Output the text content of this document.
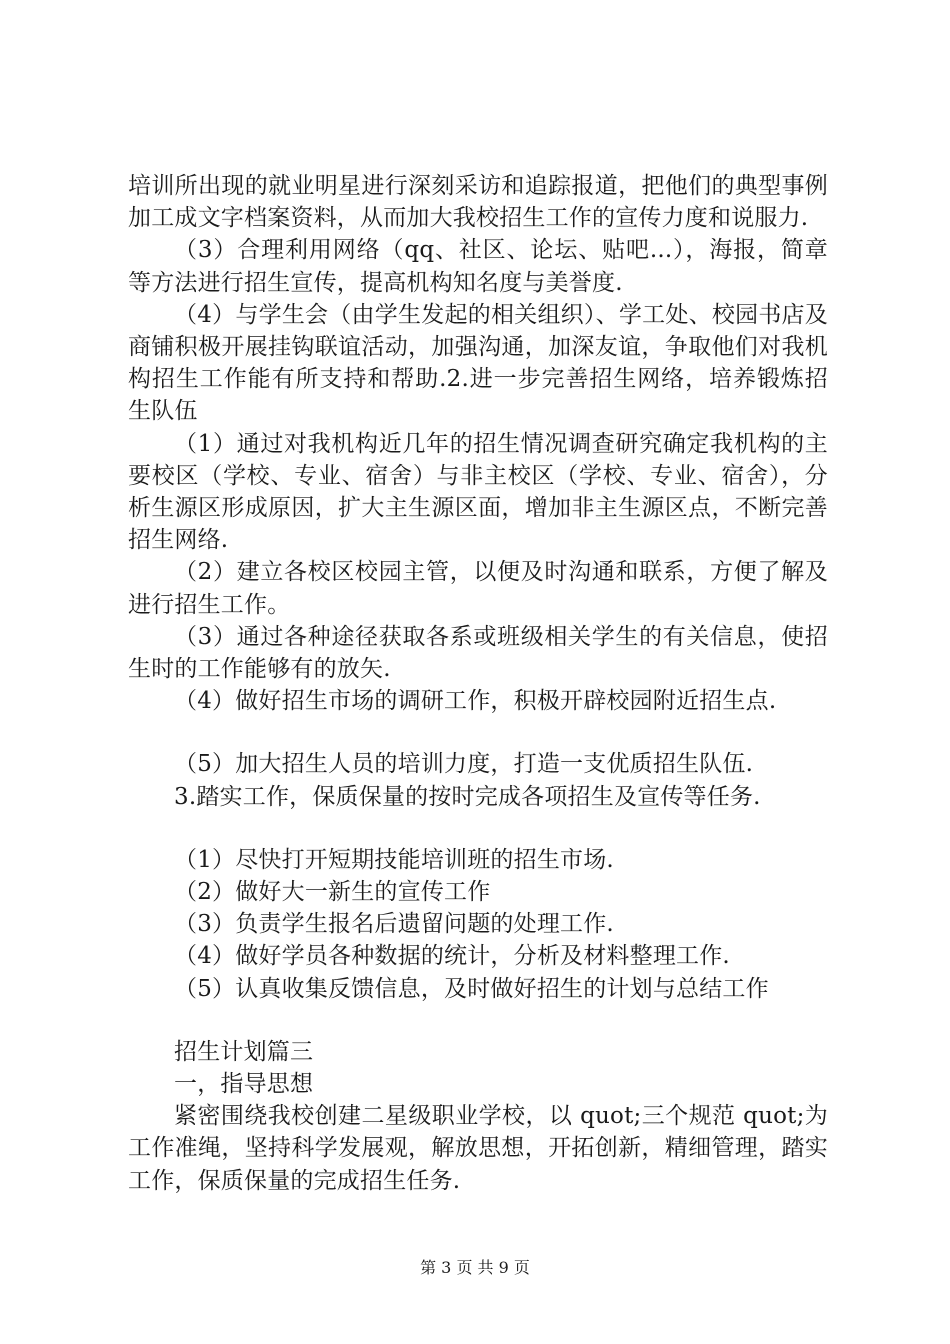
培训所出现的就业明星进行深刻采访和追踪报道，把他们的典型事例加工成文字档案资料，从而加大我校招生工作的宣传力度和说服力.

（3）合理利用网络（qq、社区、论坛、贴吧...），海报，简章等方法进行招生宣传，提高机构知名度与美誉度.

（4）与学生会（由学生发起的相关组织）、学工处、校园书店及商铺积极开展挂钩联谊活动，加强沟通，加深友谊，争取他们对我机构招生工作能有所支持和帮助.2.进一步完善招生网络，培养锻炼招生队伍

（1）通过对我机构近几年的招生情况调查研究确定我机构的主要校区（学校、专业、宿舍）与非主校区（学校、专业、宿舍），分析生源区形成原因，扩大主生源区面，增加非主生源区点，不断完善招生网络.

（2）建立各校区校园主管，以便及时沟通和联系，方便了解及进行招生工作。

（3）通过各种途径获取各系或班级相关学生的有关信息，使招生时的工作能够有的放矢.

（4）做好招生市场的调研工作，积极开辟校园附近招生点.

（5）加大招生人员的培训力度，打造一支优质招生队伍.

3.踏实工作，保质保量的按时完成各项招生及宣传等任务.

（1）尽快打开短期技能培训班的招生市场.

（2）做好大一新生的宣传工作

（3）负责学生报名后遗留问题的处理工作.

（4）做好学员各种数据的统计，分析及材料整理工作.

（5）认真收集反馈信息，及时做好招生的计划与总结工作

招生计划篇三

一，指导思想

紧密围绕我校创建二星级职业学校，以 quot;三个规范 quot;为工作准绳，坚持科学发展观，解放思想，开拓创新，精细管理，踏实工作，保质保量的完成招生任务.

第 3 页 共 9 页
